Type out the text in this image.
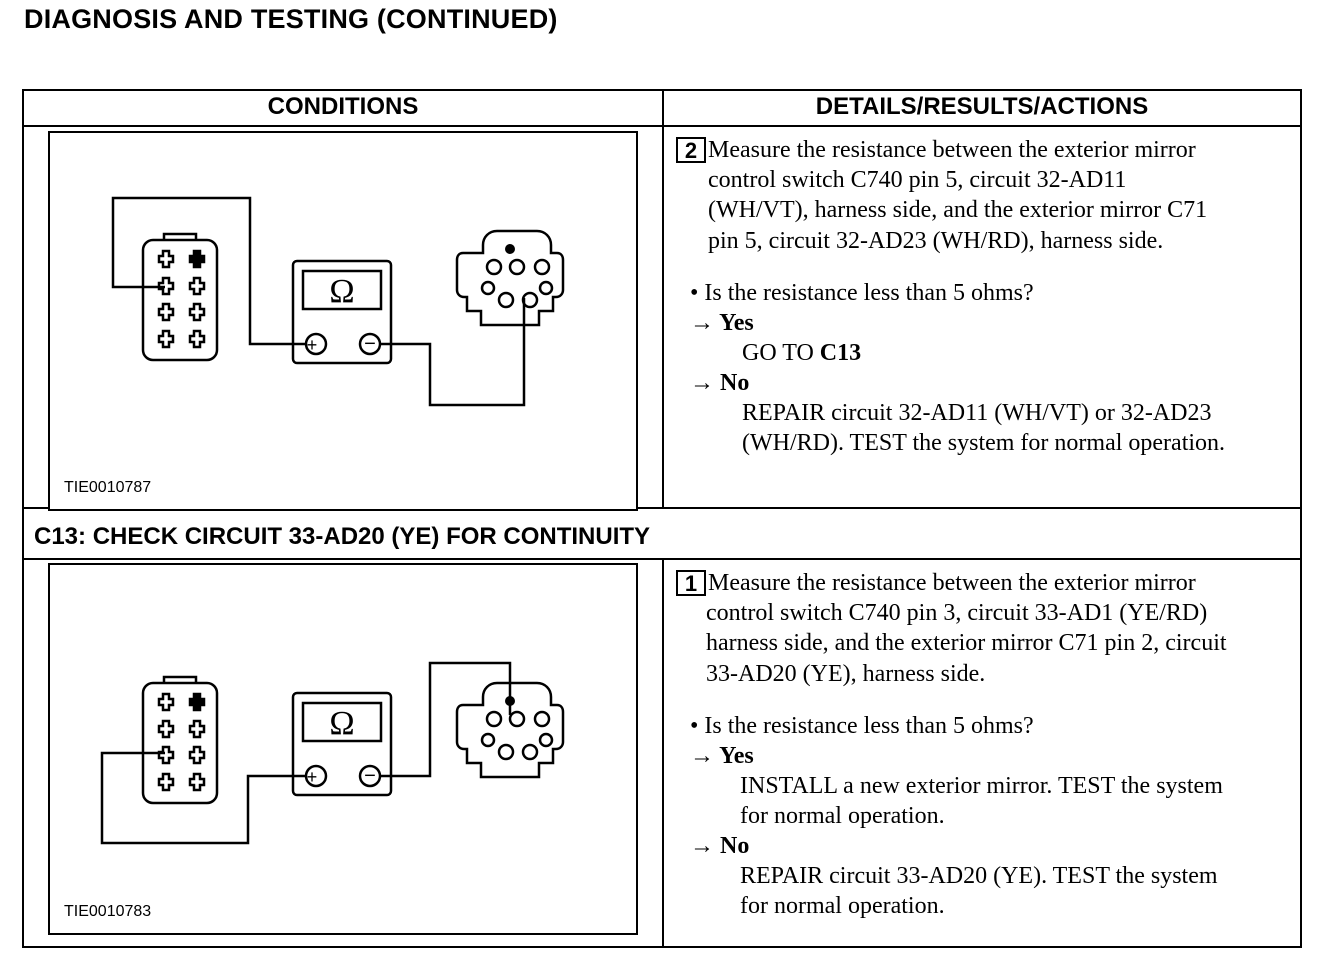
DIAGNOSIS AND TESTING (CONTINUED)
CONDITIONS	DETAILS/RESULTS/ACTIONS
C13: CHECK CIRCUIT 33-AD20 (YE) FOR CONTINUITY
Ω
+ −
TIE0010787
Ω
+ −
TIE0010783
2 Measure the resistance between the exterior mirror
control switch C740 pin 5, circuit 32-AD11
(WH/VT), harness side, and the exterior mirror C71
pin 5, circuit 32-AD23 (WH/RD), harness side.
• Is the resistance less than 5 ohms?
→ Yes
GO TO C13
→ No
REPAIR circuit 32-AD11 (WH/VT) or 32-AD23
(WH/RD). TEST the system for normal operation.
1 Measure the resistance between the exterior mirror
control switch C740 pin 3, circuit 33-AD1 (YE/RD)
harness side, and the exterior mirror C71 pin 2, circuit
33-AD20 (YE), harness side.
• Is the resistance less than 5 ohms?
→ Yes
INSTALL a new exterior mirror. TEST the system
for normal operation.
→ No
REPAIR circuit 33-AD20 (YE). TEST the system
for normal operation.
